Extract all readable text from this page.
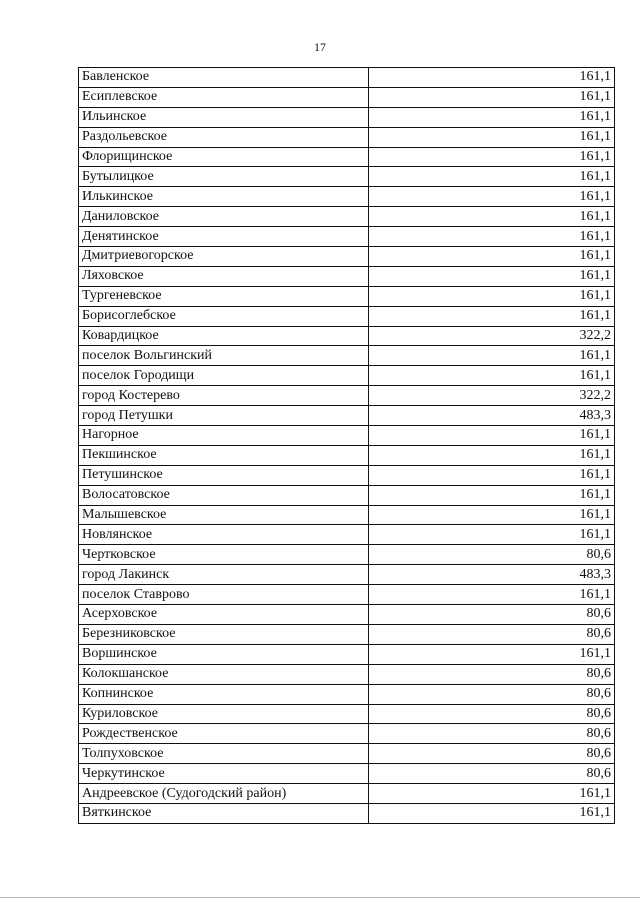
17
Бавленское	161,1
Есиплевское	161,1
Ильинское	161,1
Раздольевское	161,1
Флорищинское	161,1
Бутылицкое	161,1
Илькинское	161,1
Даниловское	161,1
Денятинское	161,1
Дмитриевогорское	161,1
Ляховское	161,1
Тургеневское	161,1
Борисоглебское	161,1
Ковардицкое	322,2
поселок Вольгинский	161,1
поселок Городищи	161,1
город Костерево	322,2
город Петушки	483,3
Нагорное	161,1
Пекшинское	161,1
Петушинское	161,1
Волосатовское	161,1
Малышевское	161,1
Новлянское	161,1
Чертковское	80,6
город Лакинск	483,3
поселок Ставрово	161,1
Асерховское	80,6
Березниковское	80,6
Воршинское	161,1
Колокшанское	80,6
Копнинское	80,6
Куриловское	80,6
Рождественское	80,6
Толпуховское	80,6
Черкутинское	80,6
Андреевское (Судогодский район)	161,1
Вяткинское	161,1
